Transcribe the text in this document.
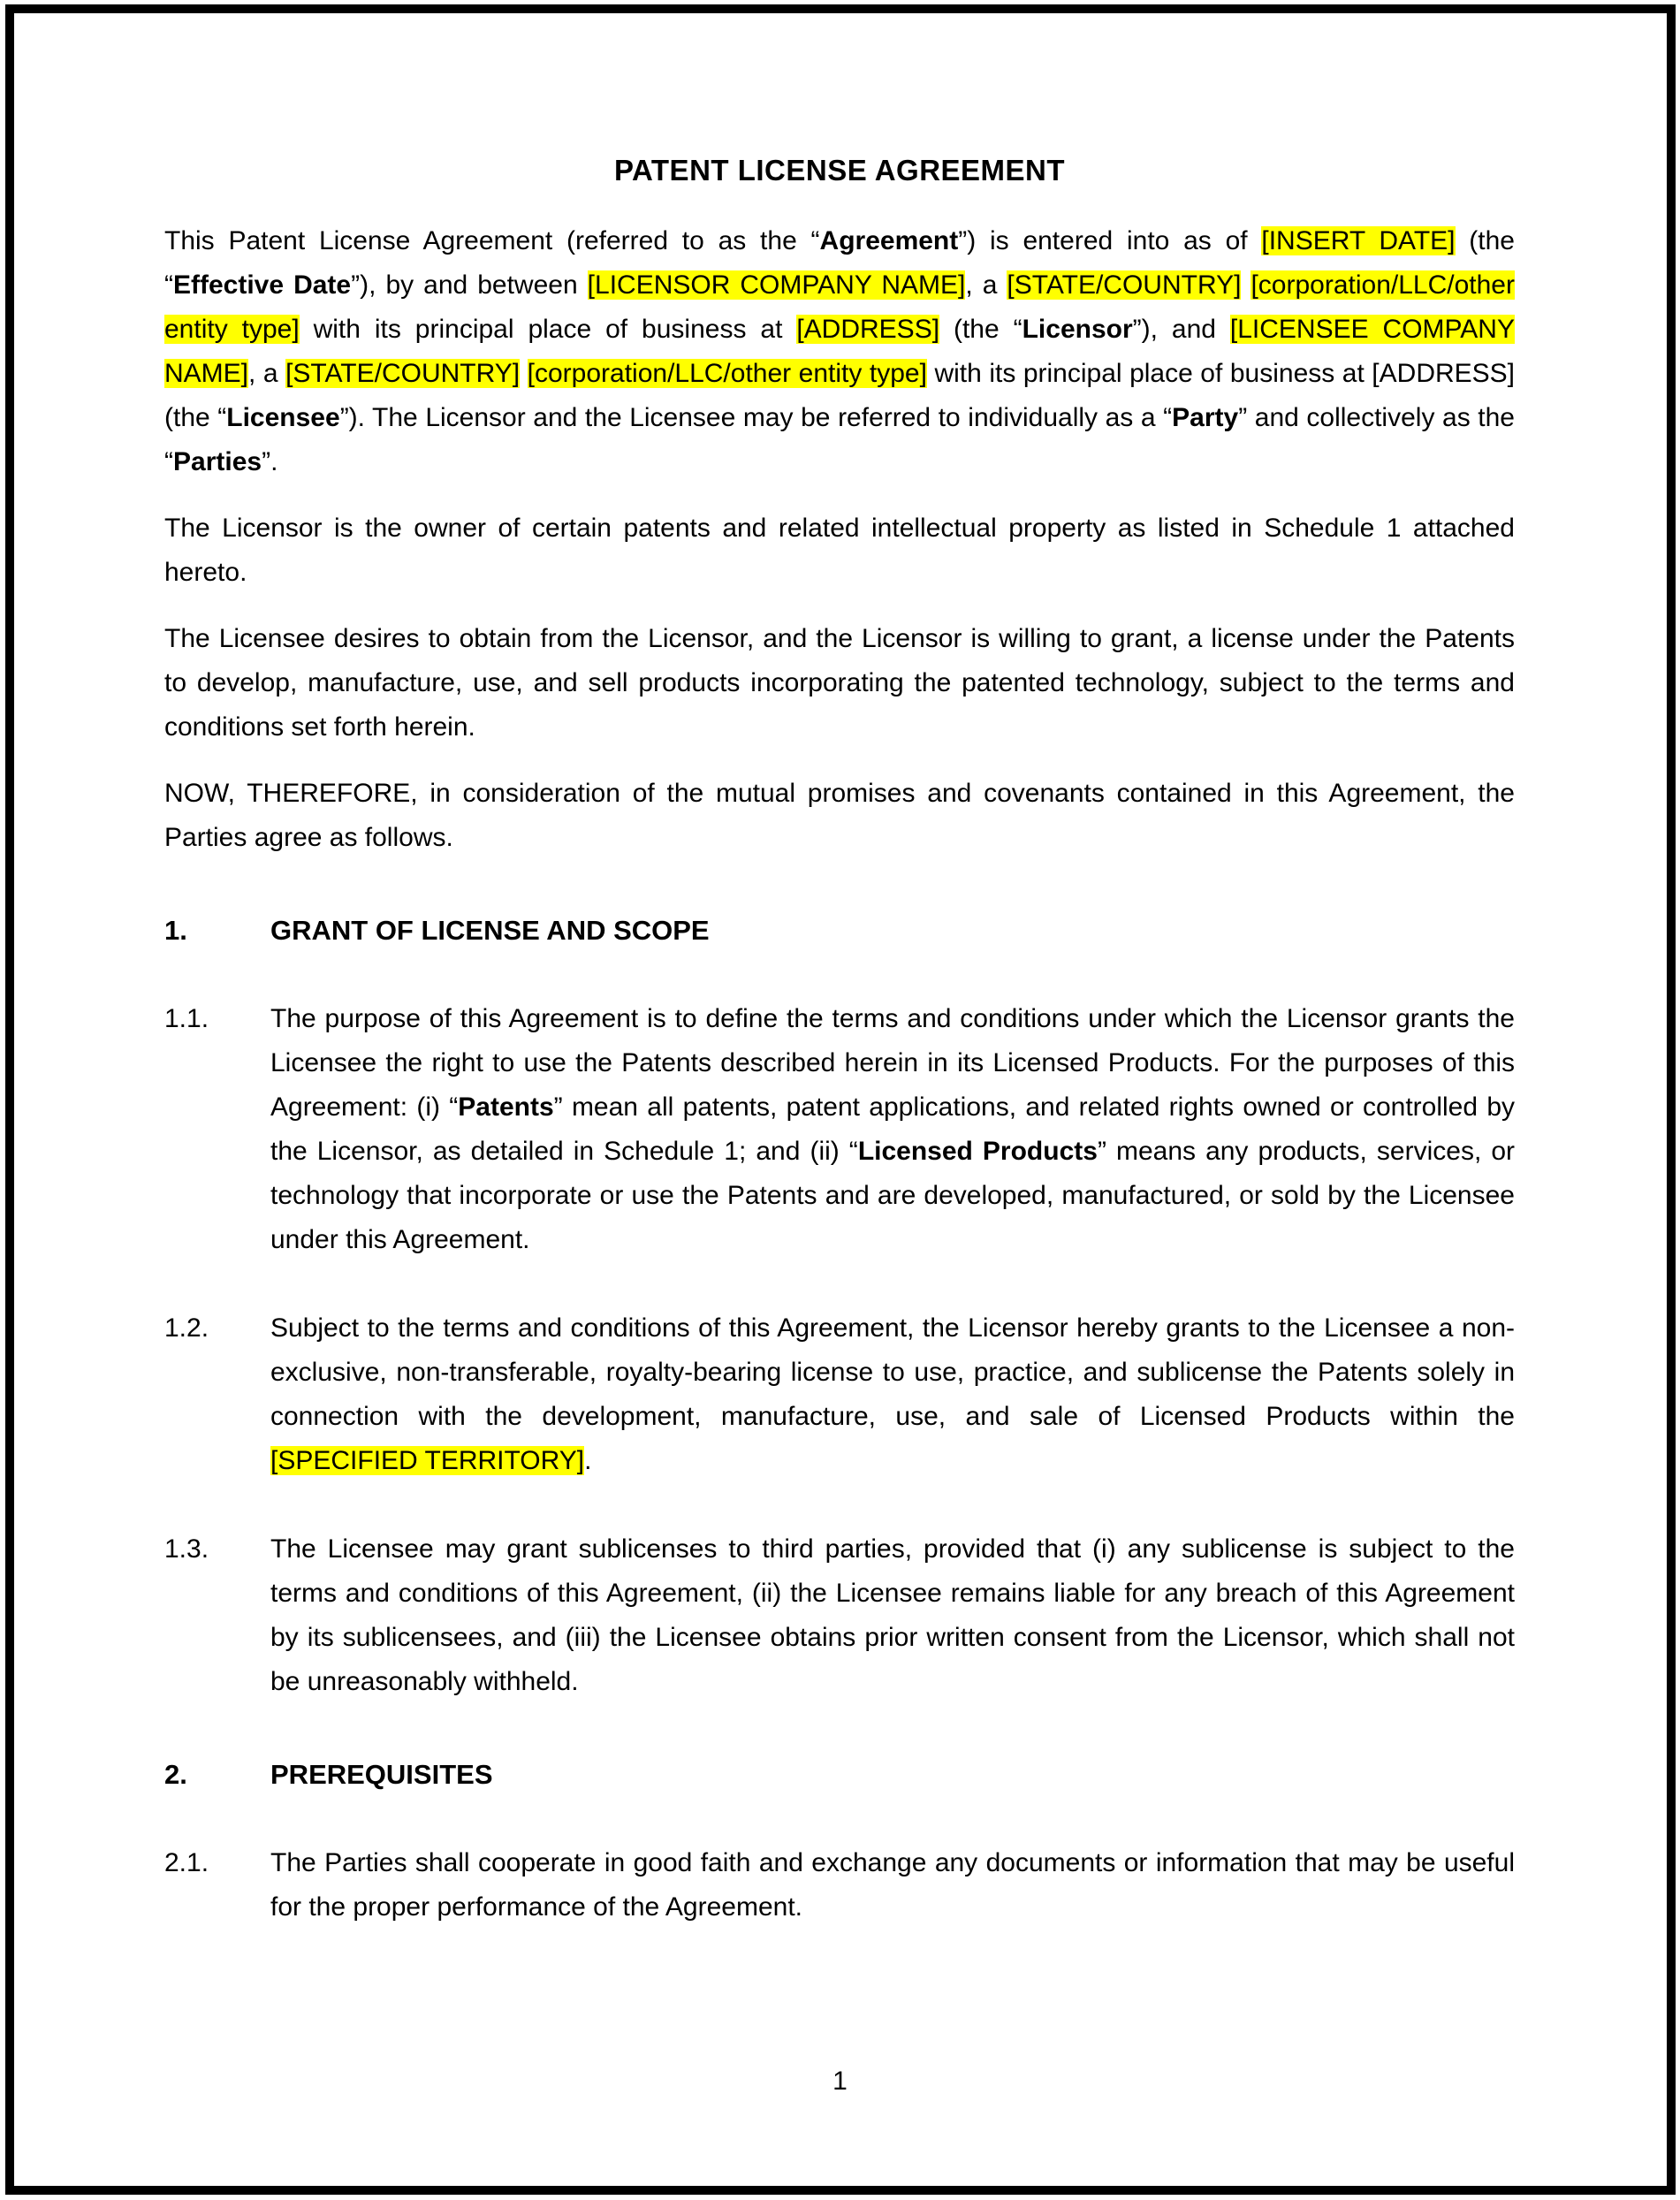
PATENT LICENSE AGREEMENT

This Patent License Agreement (referred to as the “Agreement”) is entered into as of [INSERT DATE] (the “Effective Date”), by and between [LICENSOR COMPANY NAME], a [STATE/COUNTRY] [corporation/LLC/other entity type] with its principal place of business at [ADDRESS] (the “Licensor”), and [LICENSEE COMPANY NAME], a [STATE/COUNTRY] [corporation/LLC/other entity type] with its principal place of business at [ADDRESS] (the “Licensee”). The Licensor and the Licensee may be referred to individually as a “Party” and collectively as the “Parties”.

The Licensor is the owner of certain patents and related intellectual property as listed in Schedule 1 attached hereto.

The Licensee desires to obtain from the Licensor, and the Licensor is willing to grant, a license under the Patents to develop, manufacture, use, and sell products incorporating the patented technology, subject to the terms and conditions set forth herein.

NOW, THEREFORE, in consideration of the mutual promises and covenants contained in this Agreement, the Parties agree as follows.

1.	GRANT OF LICENSE AND SCOPE
1.1. The purpose of this Agreement is to define the terms and conditions under which the Licensor grants the Licensee the right to use the Patents described herein in its Licensed Products. For the purposes of this Agreement: (i) “Patents” mean all patents, patent applications, and related rights owned or controlled by the Licensor, as detailed in Schedule 1; and (ii) “Licensed Products” means any products, services, or technology that incorporate or use the Patents and are developed, manufactured, or sold by the Licensee under this Agreement.
1.2. Subject to the terms and conditions of this Agreement, the Licensor hereby grants to the Licensee a non-exclusive, non-transferable, royalty-bearing license to use, practice, and sublicense the Patents solely in connection with the development, manufacture, use, and sale of Licensed Products within the [SPECIFIED TERRITORY].
1.3. The Licensee may grant sublicenses to third parties, provided that (i) any sublicense is subject to the terms and conditions of this Agreement, (ii) the Licensee remains liable for any breach of this Agreement by its sublicensees, and (iii) the Licensee obtains prior written consent from the Licensor, which shall not be unreasonably withheld.
2.	PREREQUISITES
2.1. The Parties shall cooperate in good faith and exchange any documents or information that may be useful for the proper performance of the Agreement.
1
